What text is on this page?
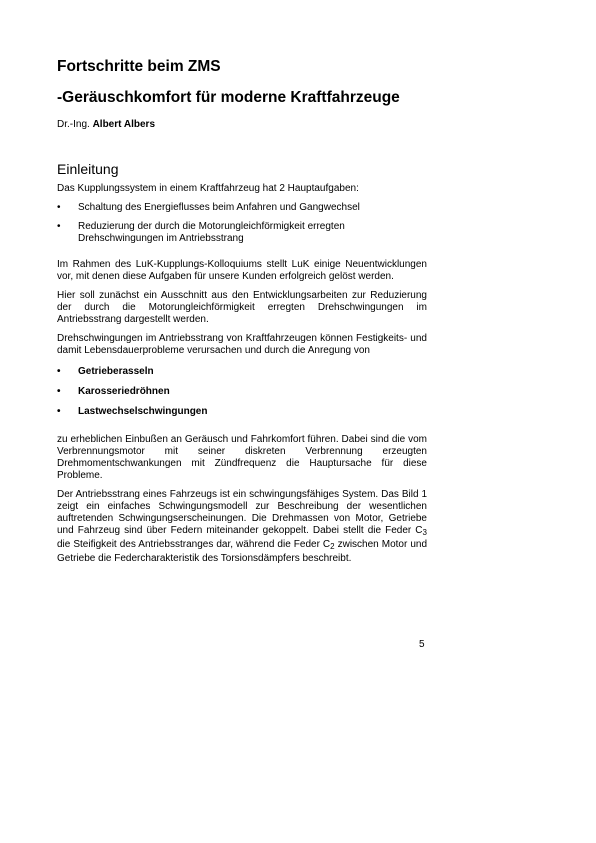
Fortschritte beim ZMS
-Geräuschkomfort für moderne Kraftfahrzeuge
Dr.-Ing. Albert Albers
Einleitung

Das Kupplungssystem in einem Kraftfahrzeug hat 2 Hauptaufgaben:

• Schaltung des Energieflusses beim Anfahren und Gangwechsel
• Reduzierung der durch die Motorungleichförmigkeit erregten Drehschwingungen im Antriebsstrang

Im Rahmen des LuK-Kupplungs-Kolloquiums stellt LuK einige Neuentwicklungen vor, mit denen diese Aufgaben für unsere Kunden erfolgreich gelöst werden.

Hier soll zunächst ein Ausschnitt aus den Entwicklungsarbeiten zur Reduzierung der durch die Motorungleichförmigkeit erregten Drehschwingungen im Antriebsstrang dargestellt werden.

Drehschwingungen im Antriebsstrang von Kraftfahrzeugen können Festigkeits- und damit Lebensdauerprobleme verursachen und durch die Anregung von

• Getrieberasseln
• Karosseriedröhnen
• Lastwechselschwingungen

zu erheblichen Einbußen an Geräusch und Fahrkomfort führen. Dabei sind die vom Verbrennungsmotor mit seiner diskreten Verbrennung erzeugten Drehmomentschwankungen mit Zündfrequenz die Hauptursache für diese Probleme.

Der Antriebsstrang eines Fahrzeugs ist ein schwingungsfähiges System. Das Bild 1 zeigt ein einfaches Schwingungsmodell zur Beschreibung der wesentlichen auftretenden Schwingungserscheinungen. Die Drehmassen von Motor, Getriebe und Fahrzeug sind über Federn miteinander gekoppelt. Dabei stellt die Feder $C_3$ die Steifigkeit des Antriebsstranges dar, während die Feder $C_2$ zwischen Motor und Getriebe die Federcharakteristik des Torsionsdämpfers beschreibt.

5
